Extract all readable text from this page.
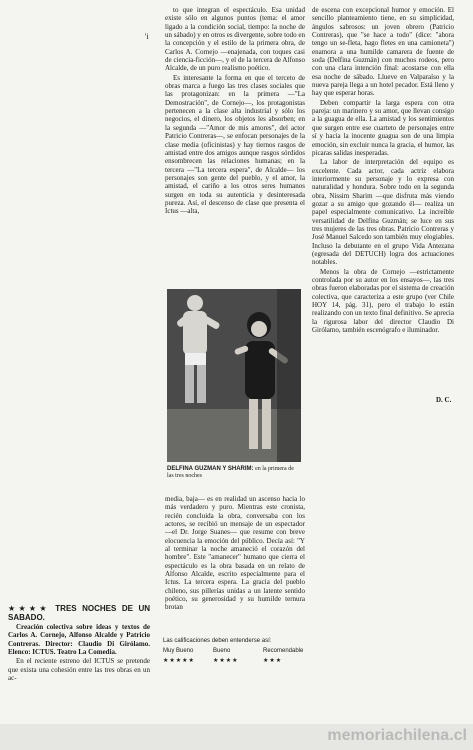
'i

to que integran el espectáculo. Esa unidad existe sólo en algunos puntos (tema: el amor ligado a la condición social, tiempo: la noche de un sábado) y en otros es divergente, sobre todo en la concepción y el estilo de la primera obra, de Carlos A. Cornejo —enajenada, con toques casi de ciencia-ficción—, y el de la tercera de Alfonso Alcalde, de un puro realismo poético.

Es interesante la forma en que el terceto de obras marca a fuego las tres clases sociales que las protagonizan: en la primera —"La Demostración", de Cornejo—, los protagonistas pertenecen a la clase alta industrial y sólo los negocios, el dinero, los objetos les absorben; en la segunda —"Amor de mis amores", del actor Patricio Contreras—, se enfocan personajes de la clase media (oficinistas) y hay tiernos rasgos de amistad entre dos amigos aunque rasgos sórdidos ensombrecen las relaciones humanas; en la tercera —"La tercera espera", de Alcalde— los personajes son gente del pueblo, y el amor, la amistad, el cariño a los otros seres humanos surgen en toda su autenticia y desinteresada pureza. Así, el descenso de clase que presenta el Ictus —alta,

DELFINA GUZMAN Y SHARIM: en la primera de las tres noches

media, baja— es en realidad un ascenso hacia lo más verdadero y puro. Mientras este cronista, recién concluida la obra, conversaba con los actores, se recibió un mensaje de un espectador —el Dr. Jorge Suanes— que resume con breve elocuencia la emoción del público. Decía así: "Y al terminar la noche amaneció el corazón del hombre". Este "amanecer" humano que cierra el espectáculo es la obra basada en un relato de Alfonso Alcalde, escrito especialmente para el Ictus. La tercera espera. La gracia del pueblo chileno, sus pillerías unidas a un latente sentido poético, su generosidad y su humilde ternura brotan

de escena con excepcional humor y emoción. El sencillo planteamiento tiene, en su simplicidad, ángulos sabrosos: un joven obrero (Patricio Contreras), que "se hace a todo" (dice: "ahora tengo un se-fleta, hago fletes en una camioneta") enamora a una humilde camarera de fuente de soda (Delfina Guzmán) con muchos rodeos, pero con una clara intención final: acostarse con ella esa noche de sábado. Llueve en Valparaíso y la nueva pareja llega a un hotel pecador. Está lleno y hay que esperar horas.

Deben compartir la larga espera con otra pareja: un marinero y su amor, que llevan consigo a la guagua de ella. La amistad y los sentimientos que surgen entre ese cuarteto de personajes entre sí y hacia la inocente guagua son de una limpia emoción, sin excluir nunca la gracia, el humor, las picaras salidas inesperadas.

La labor de interpretación del equipo es excelente. Cada actor, cada actriz elabora interiormente su personaje y lo expresa con naturalidad y hondura. Sobre todo en la segunda obra, Nissim Sharim —que disfruta más viendo gozar a su amigo que gozando él— realiza un papel especialmente comunicativo. La increíble versatilidad de Delfina Guzmán; se luce en sus tres mujeres de las tres obras. Patricio Contreras y José Manuel Salcedo son también muy elogiables. Incluso la debutante en el grupo Vida Antezana (egresada del DETUCH) logra dos actuaciones notables.

Menos la obra de Cornejo —estrictamente controlada por su autor en los ensayos—, las tres obras fueron elaboradas por el sistema de creación colectiva, que caracteriza a este grupo (ver Chile HOY 14, pág. 31), pero el trabajo lo están realizando con un texto final definitivo. Se aprecia la rigurosa labor del director Claudio Di Girólamo, también escenógrafo e iluminador.

D. C.

★★★★ TRES NOCHES DE UN SABADO.

Creación colectiva sobre ideas y textos de Carlos A. Cornejo, Alfonso Alcalde y Patricio Contreras. Director: Claudio Di Girólamo. Elenco: ICTUS. Teatro La Comedia.

En el reciente estreno del ICTUS se pretende que exista una cohesión entre las tres obras en un ac-

Las calificaciones deben entenderse así:
Muy Bueno	Bueno	Recomendable
★★★★★	★★★★	★★★
memoriachilena.cl
